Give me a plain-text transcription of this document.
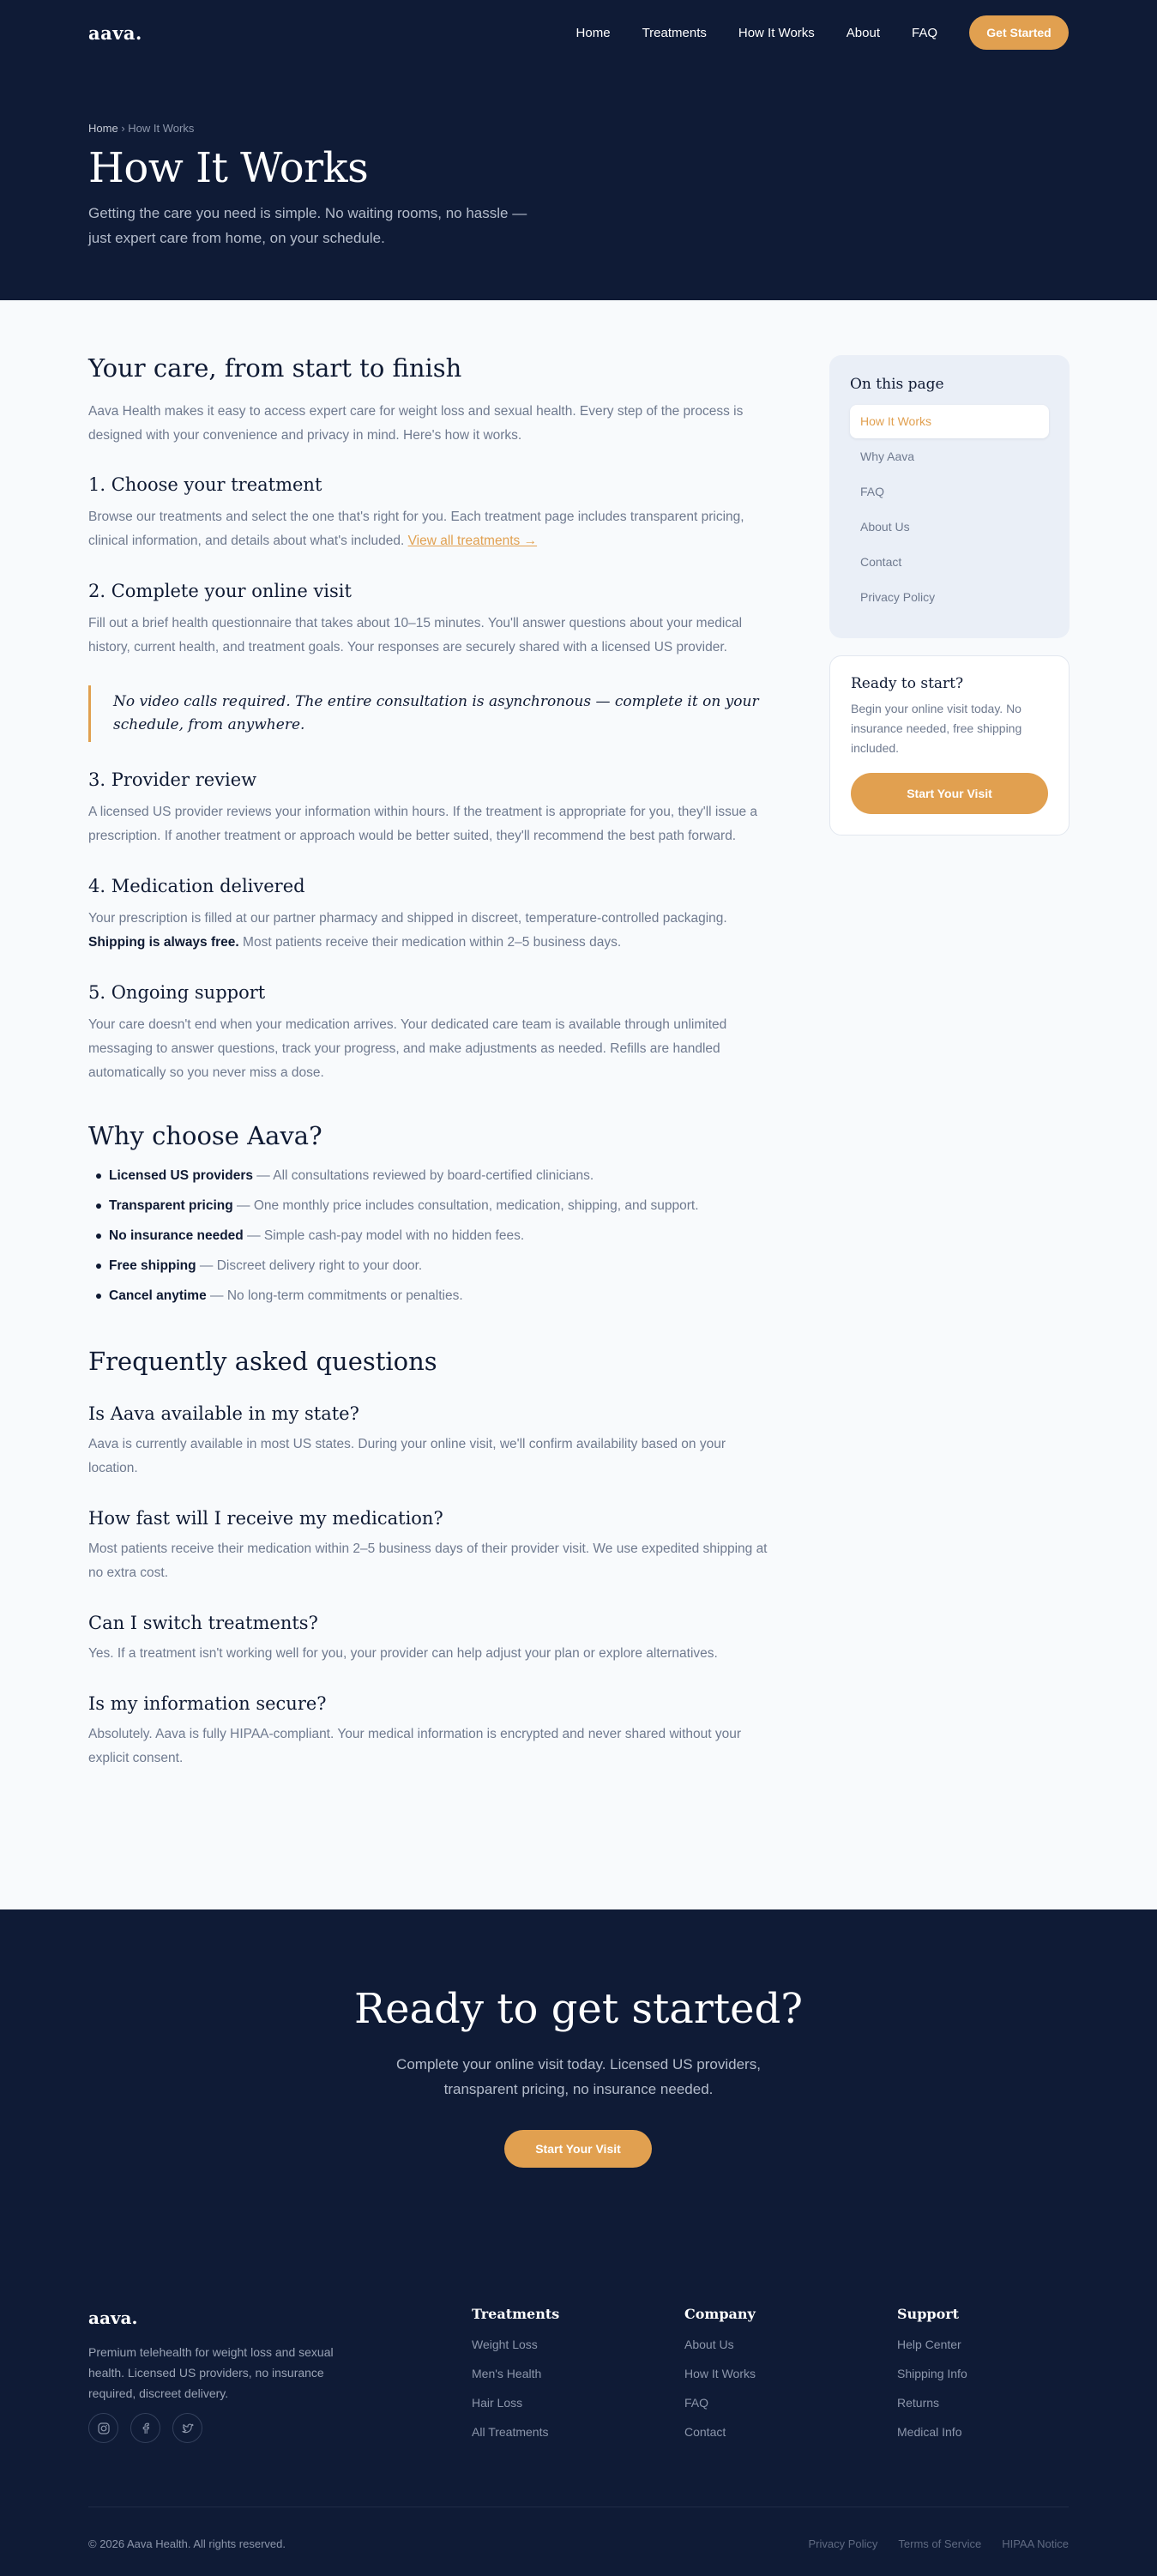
aava.	Home Treatments How It Works About FAQ	Get Started
Home › How It Works
How It Works

Getting the care you need is simple. No waiting rooms, no hassle — just expert care from home, on your schedule.

Your care, from start to finish

Aava Health makes it easy to access expert care for weight loss and sexual health. Every step of the process is designed with your convenience and privacy in mind. Here's how it works.

1. Choose your treatment

Browse our treatments and select the one that's right for you. Each treatment page includes transparent pricing, clinical information, and details about what's included. View all treatments →

2. Complete your online visit

Fill out a brief health questionnaire that takes about 10–15 minutes. You'll answer questions about your medical history, current health, and treatment goals. Your responses are securely shared with a licensed US provider.

No video calls required. The entire consultation is asynchronous — complete it on your schedule, from anywhere.
3. Provider review

A licensed US provider reviews your information within hours. If the treatment is appropriate for you, they'll issue a prescription. If another treatment or approach would be better suited, they'll recommend the best path forward.

4. Medication delivered

Your prescription is filled at our partner pharmacy and shipped in discreet, temperature-controlled packaging. Shipping is always free. Most patients receive their medication within 2–5 business days.

5. Ongoing support

Your care doesn't end when your medication arrives. Your dedicated care team is available through unlimited messaging to answer questions, track your progress, and make adjustments as needed. Refills are handled automatically so you never miss a dose.

Why choose Aava?
Licensed US providers — All consultations reviewed by board-certified clinicians.
Transparent pricing — One monthly price includes consultation, medication, shipping, and support.
No insurance needed — Simple cash-pay model with no hidden fees.
Free shipping — Discreet delivery right to your door.
Cancel anytime — No long-term commitments or penalties.
Frequently asked questions
Is Aava available in my state?

Aava is currently available in most US states. During your online visit, we'll confirm availability based on your location.

How fast will I receive my medication?

Most patients receive their medication within 2–5 business days of their provider visit. We use expedited shipping at no extra cost.

Can I switch treatments?

Yes. If a treatment isn't working well for you, your provider can help adjust your plan or explore alternatives.

Is my information secure?

Absolutely. Aava is fully HIPAA-compliant. Your medical information is encrypted and never shared without your explicit consent.

On this page
How It Works
Why Aava
FAQ
About Us
Contact
Privacy Policy
Ready to start?

Begin your online visit today. No insurance needed, free shipping included.

Start Your Visit
Ready to get started?

Complete your online visit today. Licensed US providers, transparent pricing, no insurance needed.

Start Your Visit
aava.

Premium telehealth for weight loss and sexual health. Licensed US providers, no insurance required, discreet delivery.

Treatments
Weight Loss
Men's Health
Hair Loss
All Treatments
Company
About Us
How It Works
FAQ
Contact
Support
Help Center
Shipping Info
Returns
Medical Info
© 2026 Aava Health. All rights reserved.	Privacy Policy Terms of Service HIPAA Notice
